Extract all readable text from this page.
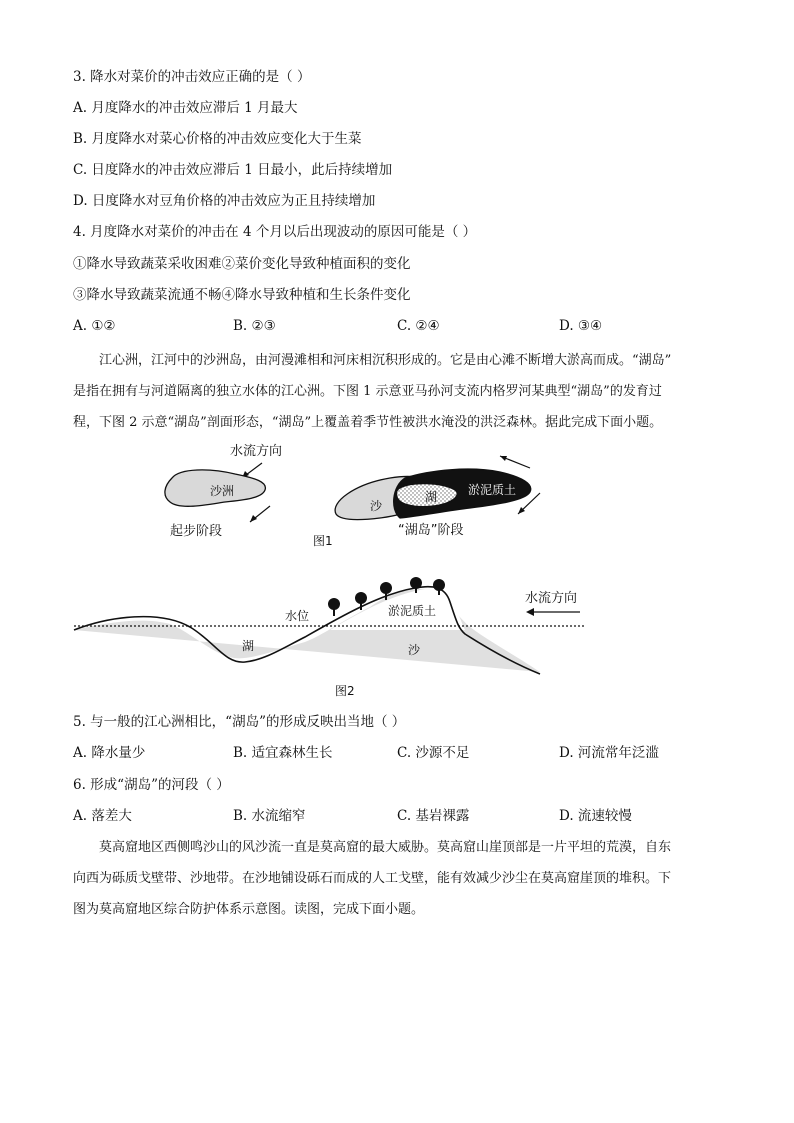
3. 降水对菜价的冲击效应正确的是（ ）
A. 月度降水的冲击效应滞后 1 月最大
B. 月度降水对菜心价格的冲击效应变化大于生菜
C. 日度降水的冲击效应滞后 1 日最小，此后持续增加
D. 日度降水对豆角价格的冲击效应为正且持续增加
4. 月度降水对菜价的冲击在 4 个月以后出现波动的原因可能是（ ）
①降水导致蔬菜采收困难②菜价变化导致种植面积的变化
③降水导致蔬菜流通不畅④降水导致种植和生长条件变化
A. ①②	B. ②③	C. ②④	D. ③④
江心洲，江河中的沙洲岛，由河漫滩相和河床相沉积形成的。它是由心滩不断增大淤高而成。“湖岛”
是指在拥有与河道隔离的独立水体的江心洲。下图 1 示意亚马孙河支流内格罗河某典型“湖岛”的发育过
程，下图 2 示意“湖岛”剖面形态，“湖岛”上覆盖着季节性被洪水淹没的洪泛森林。据此完成下面小题。
水流方向
沙洲
起步阶段
沙
湖	淤泥质土
“湖岛”阶段
图1
水位	淤泥质土
湖	沙
水流方向
图2
5. 与一般的江心洲相比，“湖岛”的形成反映出当地（ ）
A. 降水量少	B. 适宜森林生长	C. 沙源不足	D. 河流常年泛滥
6. 形成“湖岛”的河段（ ）
A. 落差大	B. 水流缩窄	C. 基岩裸露	D. 流速较慢
莫高窟地区西侧鸣沙山的风沙流一直是莫高窟的最大威胁。莫高窟山崖顶部是一片平坦的荒漠，自东
向西为砾质戈壁带、沙地带。在沙地铺设砾石而成的人工戈壁，能有效减少沙尘在莫高窟崖顶的堆积。下
图为莫高窟地区综合防护体系示意图。读图，完成下面小题。
